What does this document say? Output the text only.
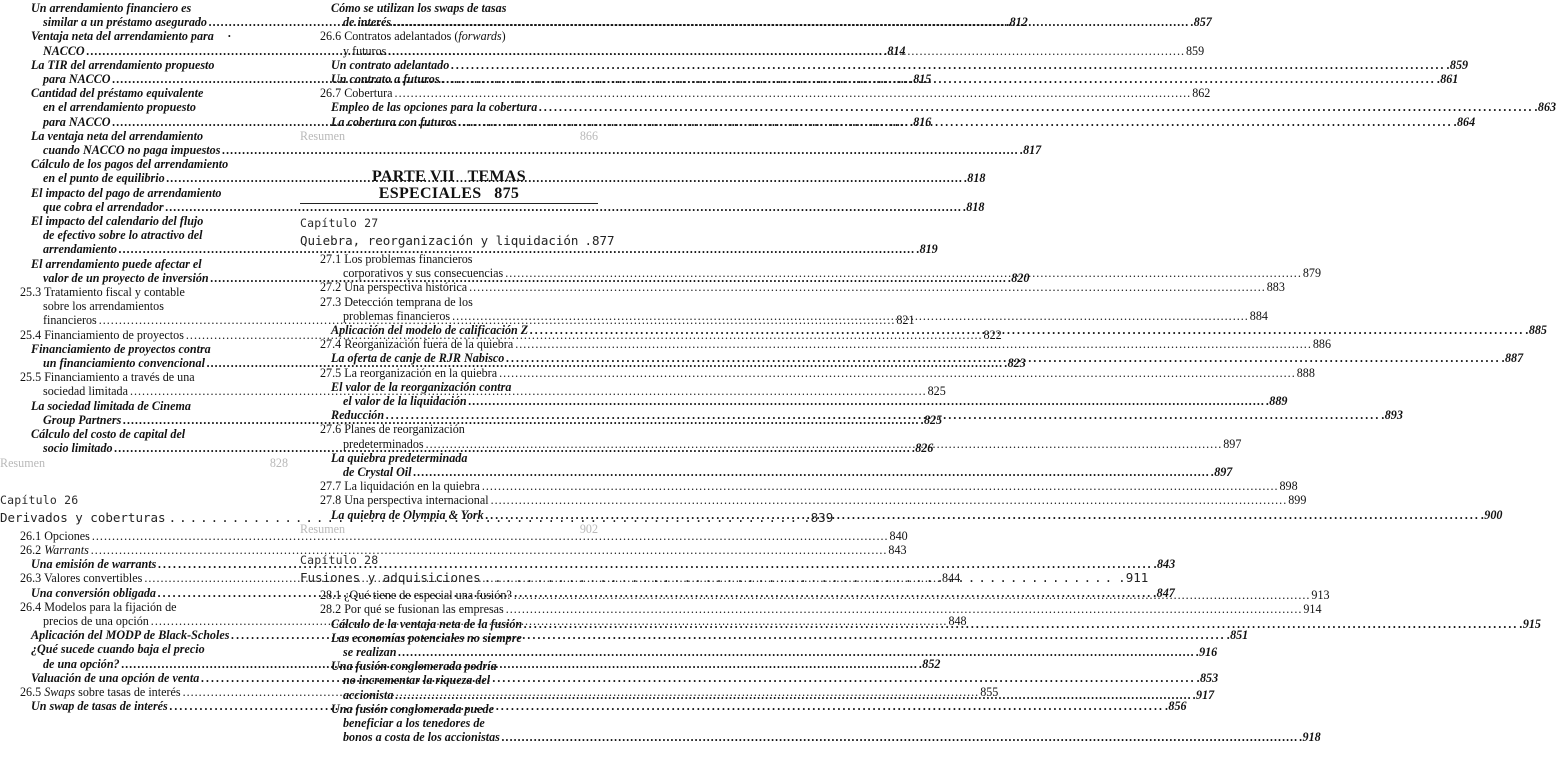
Un arrendamiento financiero es
similar a un préstamo asegurado .....	.812
Ventaja neta del arrendamiento para ·
NACCO .....	.814
La TIR del arrendamiento propuesto
para NACCO .....	.815
Cantidad del préstamo equivalente
en el arrendamiento propuesto
para NACCO .....	.816
La ventaja neta del arrendamiento
cuando NACCO no paga impuestos .....	.817
Cálculo de los pagos del arrendamiento
en el punto de equilibrio .....	.818
El impacto del pago de arrendamiento
que cobra el arrendador .....	.818
El impacto del calendario del flujo
de efectivo sobre lo atractivo del
arrendamiento .....	.819
El arrendamiento puede afectar el
valor de un proyecto de inversión .....	.820
25.3 Tratamiento fiscal y contable
sobre los arrendamientos
financieros .....	821
25.4 Financiamiento de proyectos .....	822
Financiamiento de proyectos contra
un financiamiento convencional .....	.823
25.5 Financiamiento a través de una
sociedad limitada .....	825
La sociedad limitada de Cinema
Group Partners .....	.825
Cálculo del costo de capital del
socio limitado .....	.826
Resumen	828
Capítulo 26
Derivados y coberturas .....	.839
26.1 Opciones .....	840
26.2 Warrants .....	843
Una emisión de warrants .....	.843
26.3 Valores convertibles .....	844
Una conversión obligada .....	.847
26.4 Modelos para la fijación de
precios de una opción .....	848
Aplicación del MODP de Black-Scholes .....	.851
¿Qué sucede cuando baja el precio
de una opción? .....	.852
Valuación de una opción de venta .....	.853
26.5 Swaps sobre tasas de interés .....	855
Un swap de tasas de interés .....	.856
Cómo se utilizan los swaps de tasas
de interés .....	.857
26.6 Contratos adelantados (forwards)
y futuros .....	859
Un contrato adelantado .....	.859
Un contrato a futuros .....	.861
26.7 Cobertura .....	862
Empleo de las opciones para la cobertura .....	.863
La cobertura con futuros .....	.864
Resumen	866
PARTE VII   TEMAS
ESPECIALES   875
Capítulo 27
Quiebra, reorganización y liquidación .877
27.1 Los problemas financieros
corporativos y sus consecuencias .....	879
27.2 Una perspectiva histórica .....	883
27.3 Detección temprana de los
problemas financieros .....	884
Aplicación del modelo de calificación Z .....	.885
27.4 Reorganización fuera de la quiebra .....	886
La oferta de canje de RJR Nabisco .....	.887
27.5 La reorganización en la quiebra .....	888
El valor de la reorganización contra
el valor de la liquidación .....	.889
Reducción .....	.893
27.6 Planes de reorganización
predeterminados .....	897
La quiebra predeterminada
de Crystal Oil .....	.897
27.7 La liquidación en la quiebra .....	898
27.8 Una perspectiva internacional .....	899
La quiebra de Olympia & York .....	.900
Resumen	902
Capítulo 28
Fusiones y adquisiciones .....	.911
28.1 ¿Qué tiene de especial una fusión? .....	913
28.2 Por qué se fusionan las empresas .....	914
Cálculo de la ventaja neta de la fusión .....	.915
Las economías potenciales no siempre
se realizan .....	.916
Una fusión conglomerada podría
no incrementar la riqueza del
accionista .....	.917
Una fusión conglomerada puede
beneficiar a los tenedores de
bonos a costa de los accionistas .....	.918
